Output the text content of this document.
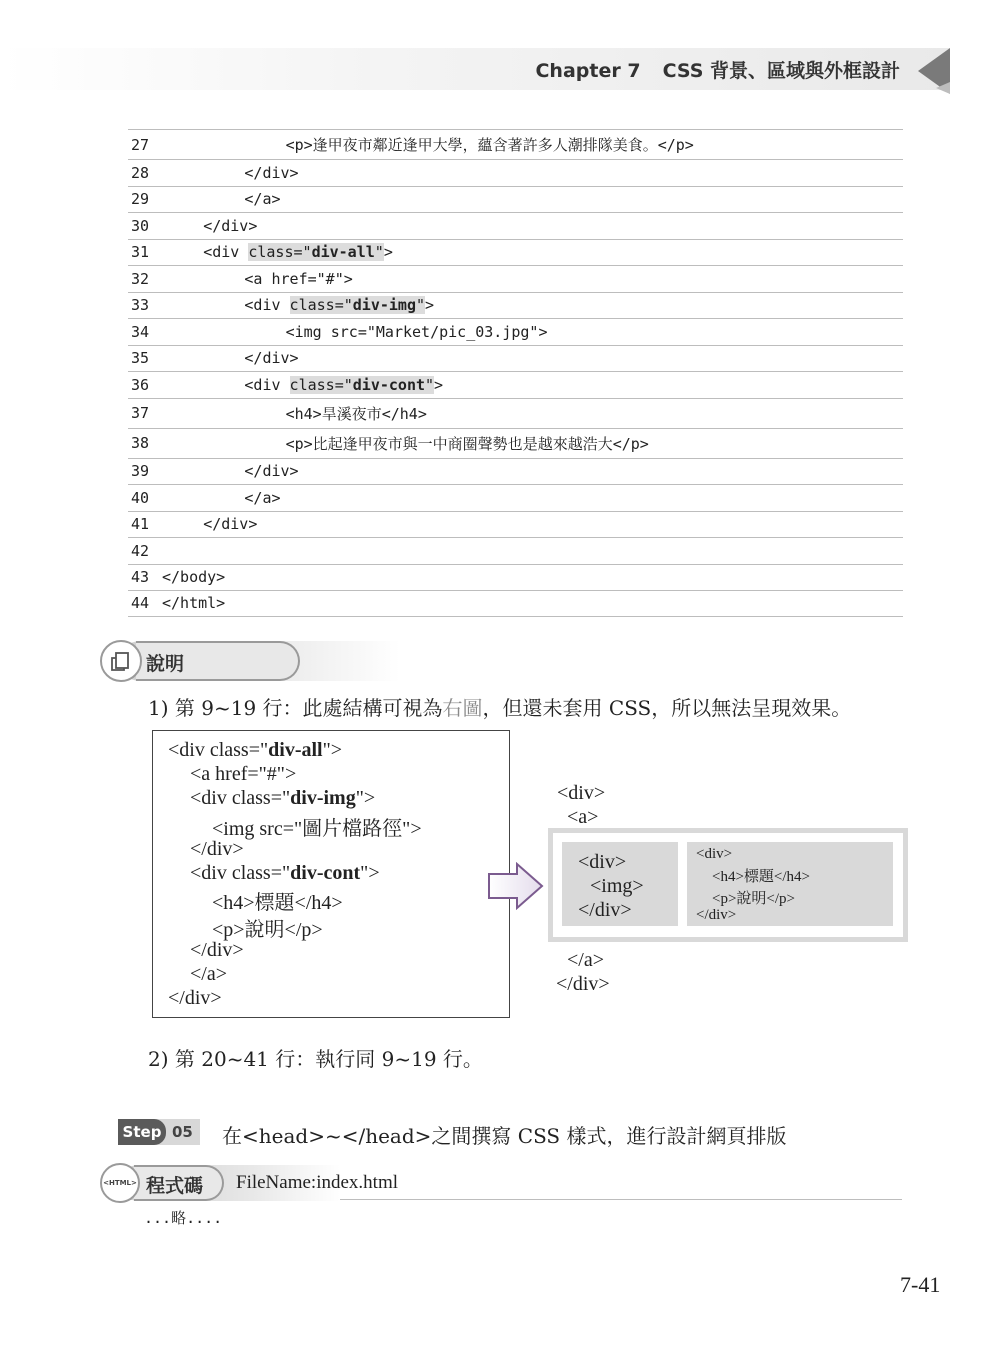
Chapter 7 CSS 背景、區域與外框設計
27	<p>逢甲夜市鄰近逢甲大學，蘊含著許多人潮排隊美食。</p>
28	</div>
29	</a>
30	</div>
31	<div class="div-all">
32	<a href="#">
33	<div class="div-img">
34	<img src="Market/pic_03.jpg">
35	</div>
36	<div class="div-cont">
37	<h4>旱溪夜市</h4>
38	<p>比起逢甲夜市與一中商圈聲勢也是越來越浩大</p>
39	</div>
40	</a>
41	</div>
42
43 </body>
44 </html>
說明
1) 第 9~19 行：此處結構可視為右圖，但還未套用 CSS，所以無法呈現效果。
<div class="div-all">
<a href="#">
<div class="div-img">
<img src="圖片檔路徑">
</div>
<div class="div-cont">
<h4>標題</h4>
<p>說明</p>
</div>
</a>
</div>
<div>
<a>
<div>
<img>
</div>
<div>
<h4>標題</h4>
<p>說明</p>
</div>
</a>
</div>
2) 第 20~41 行：執行同 9~19 行。
Step 05 在<head>~</head>之間撰寫 CSS 樣式，進行設計網頁排版
<HTML> 程式碼 FileName:index.html
...略....
7-41
